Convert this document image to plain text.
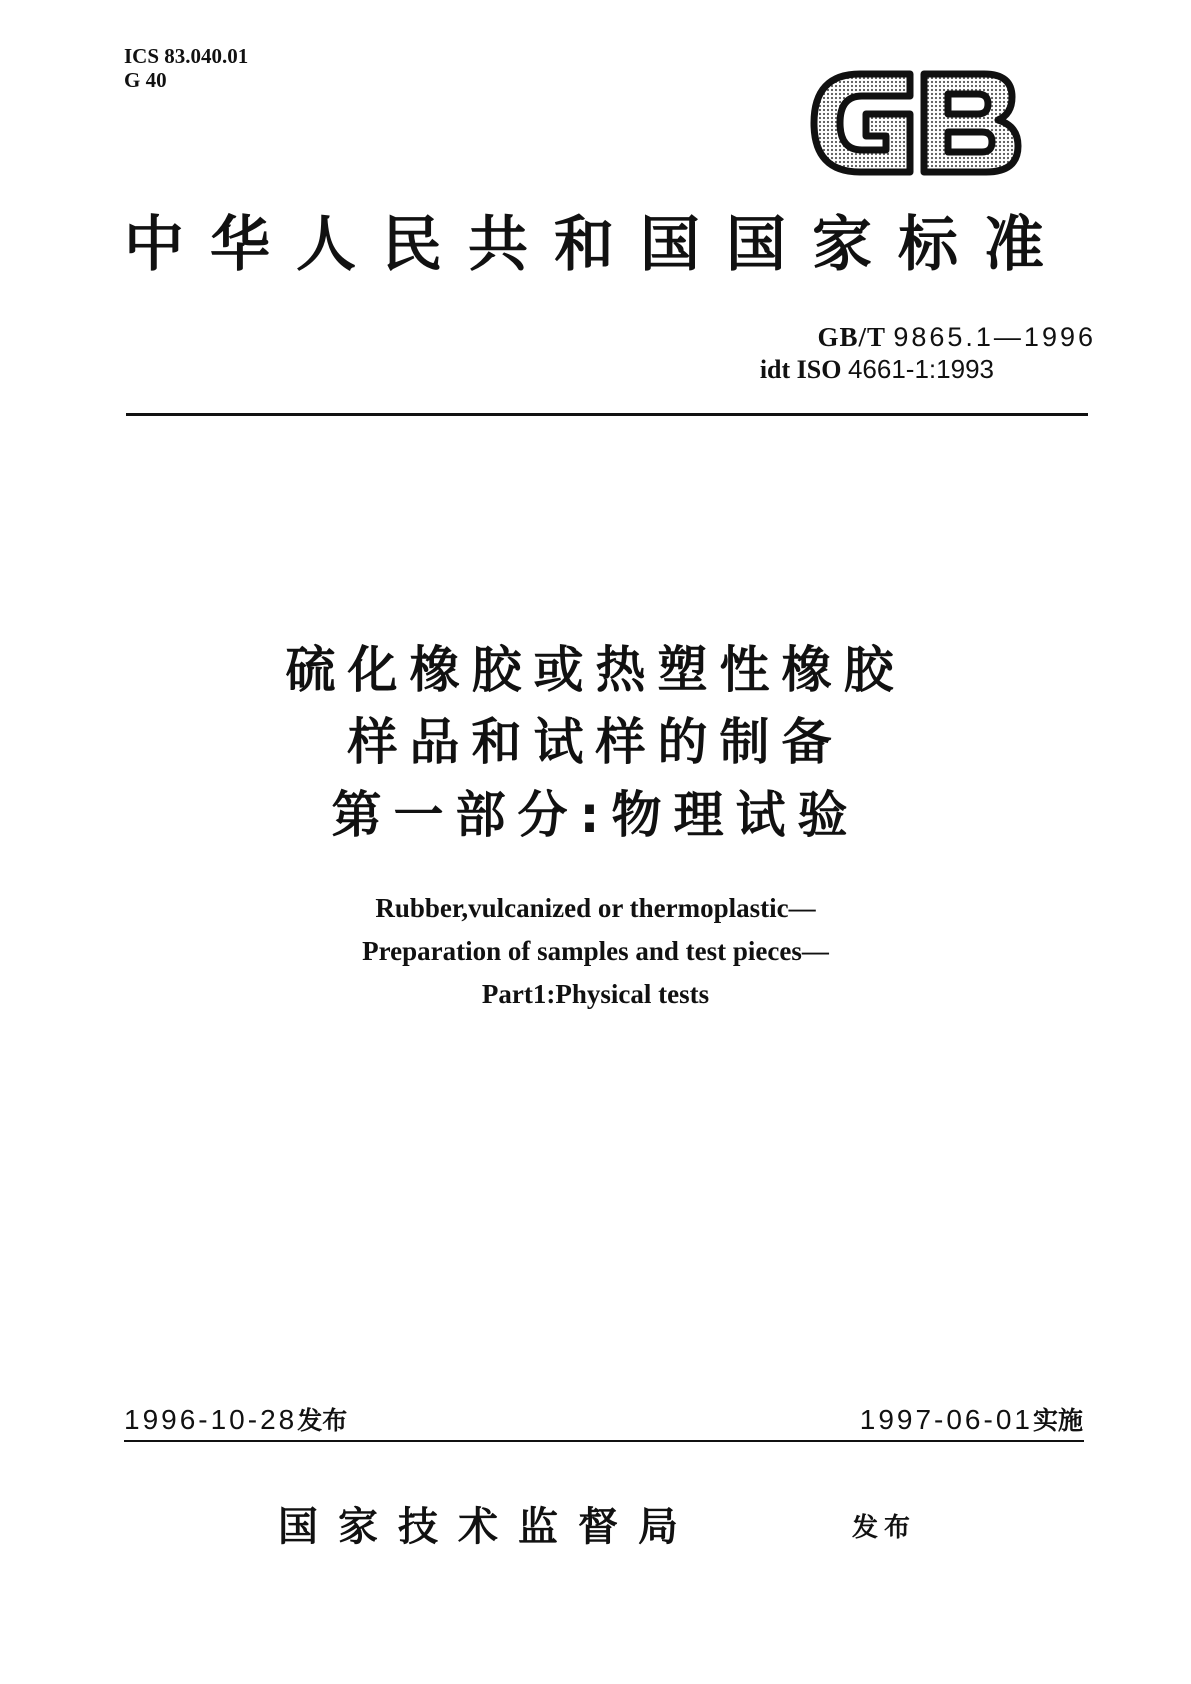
ICS 83.040.01
G 40
中华人民共和国国家标准
GB/T 9865.1—1996
idt ISO 4661-1:1993
硫化橡胶或热塑性橡胶
样品和试样的制备
第一部分:物理试验
Rubber,vulcanized or thermoplastic—
Preparation of samples and test pieces—
Part1:Physical tests
1996-10-28发布	1997-06-01实施
国家技术监督局	发布
